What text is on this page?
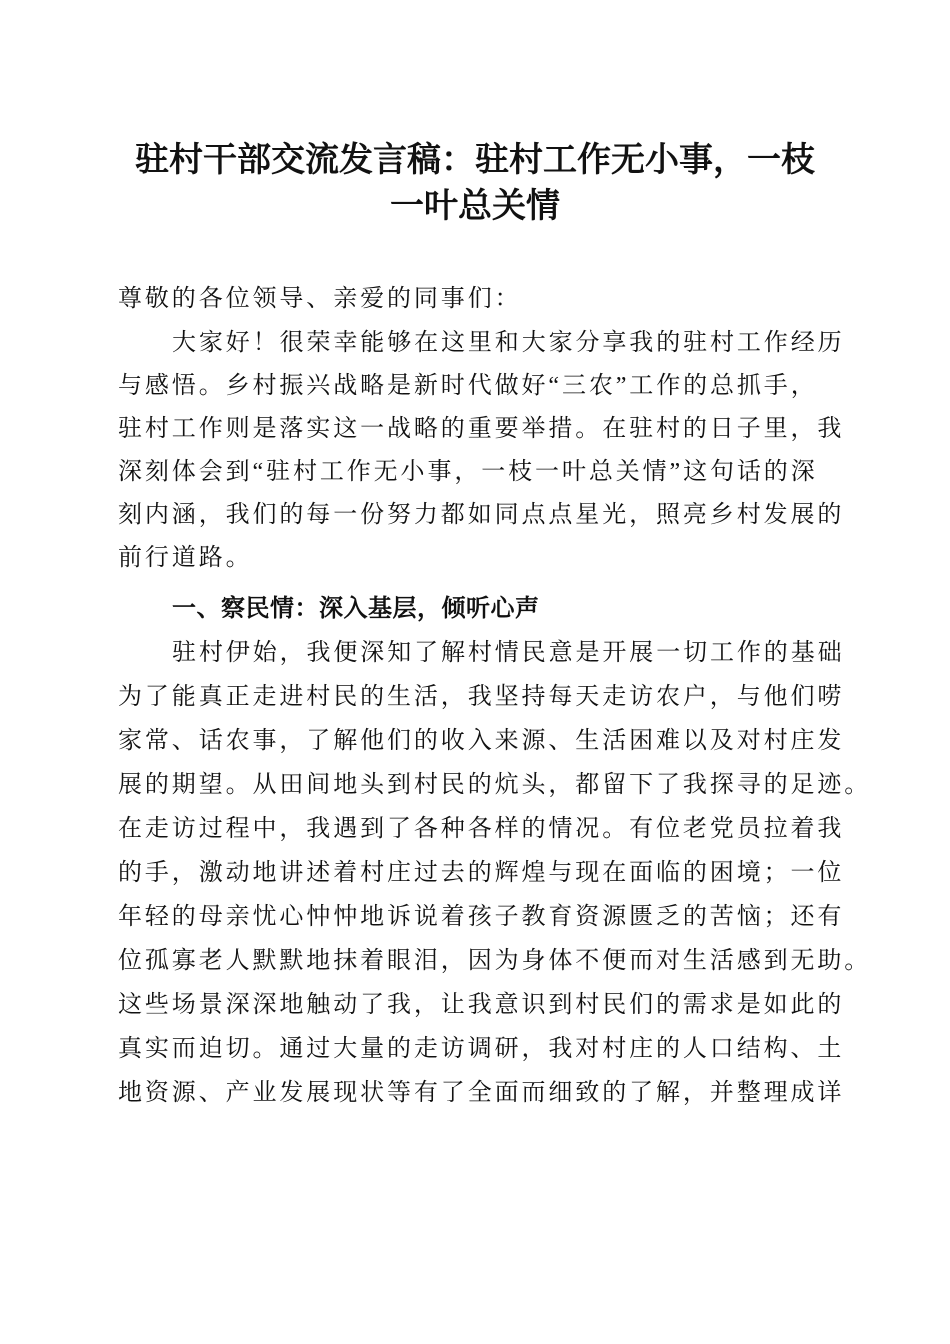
驻村干部交流发言稿：驻村工作无小事，一枝
一叶总关情
尊敬的各位领导、亲爱的同事们：
大家好！很荣幸能够在这里和大家分享我的驻村工作经历
与感悟。乡村振兴战略是新时代做好“三农”工作的总抓手，
驻村工作则是落实这一战略的重要举措。在驻村的日子里，我
深刻体会到“驻村工作无小事，一枝一叶总关情”这句话的深
刻内涵，我们的每一份努力都如同点点星光，照亮乡村发展的
前行道路。
一、察民情：深入基层，倾听心声
驻村伊始，我便深知了解村情民意是开展一切工作的基础
为了能真正走进村民的生活，我坚持每天走访农户，与他们唠
家常、话农事，了解他们的收入来源、生活困难以及对村庄发
展的期望。从田间地头到村民的炕头，都留下了我探寻的足迹。
在走访过程中，我遇到了各种各样的情况。有位老党员拉着我
的手，激动地讲述着村庄过去的辉煌与现在面临的困境；一位
年轻的母亲忧心忡忡地诉说着孩子教育资源匮乏的苦恼；还有
位孤寡老人默默地抹着眼泪，因为身体不便而对生活感到无助。
这些场景深深地触动了我，让我意识到村民们的需求是如此的
真实而迫切。通过大量的走访调研，我对村庄的人口结构、土
地资源、产业发展现状等有了全面而细致的了解，并整理成详
